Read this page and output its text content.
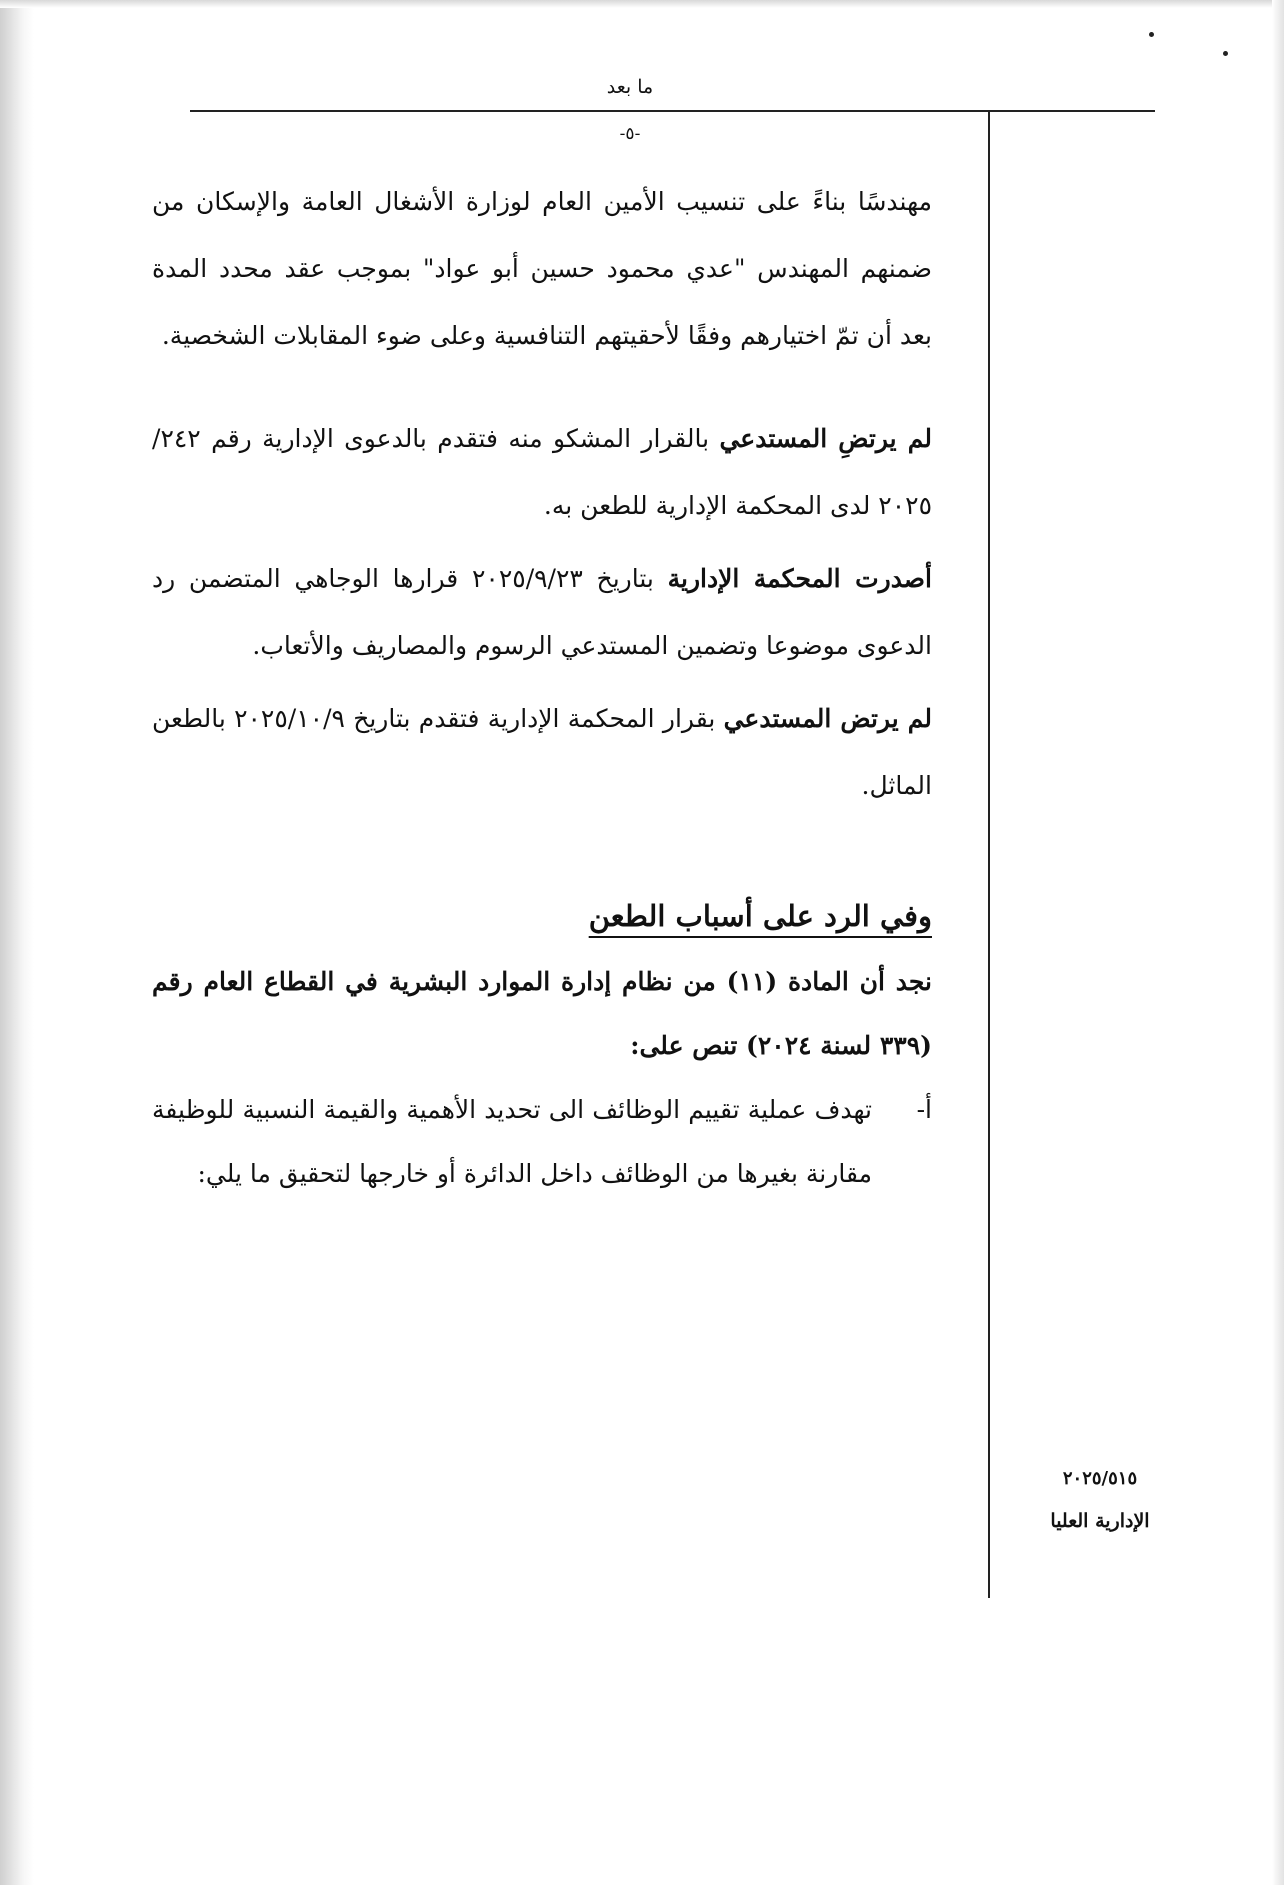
ما بعد
-٥-

مهندسًا بناءً على تنسيب الأمين العام لوزارة الأشغال العامة والإسكان من ضمنهم المهندس "عدي محمود حسين أبو عواد" بموجب عقد محدد المدة بعد أن تمّ اختيارهم وفقًا لأحقيتهم التنافسية وعلى ضوء المقابلات الشخصية.

لم يرتضِ المستدعي بالقرار المشكو منه فتقدم بالدعوى الإدارية رقم ٢٤٢/ ٢٠٢٥ لدى المحكمة الإدارية للطعن به.

أصدرت المحكمة الإدارية بتاريخ ٢٠٢٥/٩/٢٣ قرارها الوجاهي المتضمن رد الدعوى موضوعا وتضمين المستدعي الرسوم والمصاريف والأتعاب.

لم يرتض المستدعي بقرار المحكمة الإدارية فتقدم بتاريخ ٢٠٢٥/١٠/٩ بالطعن الماثل.

وفي الرد على أسباب الطعن

نجد أن المادة (١١) من نظام إدارة الموارد البشرية في القطاع العام رقم (٣٣٩ لسنة ٢٠٢٤) تنص على:

أ-
تهدف عملية تقييم الوظائف الى تحديد الأهمية والقيمة النسبية للوظيفة مقارنة بغيرها من الوظائف داخل الدائرة أو خارجها لتحقيق ما يلي:

٢٠٢٥/٥١٥
الإدارية العليا
